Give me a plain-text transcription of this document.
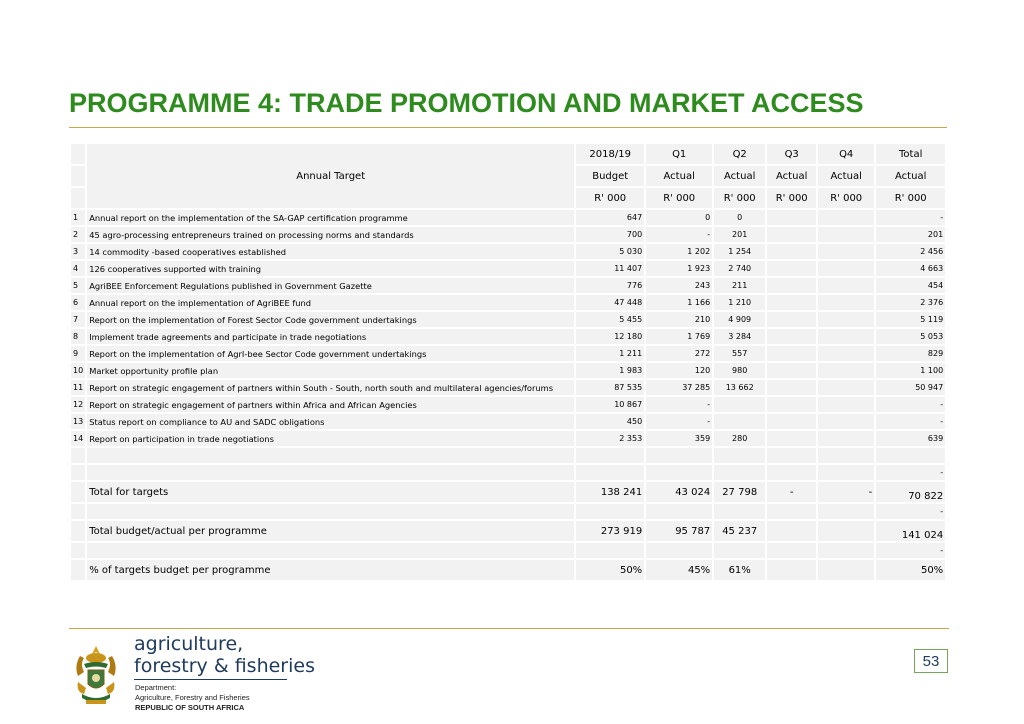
PROGRAMME 4: TRADE PROMOTION AND MARKET ACCESS
	Annual Target	2018/19	Q1	Q2	Q3	Q4	Total
		Budget	Actual	Actual	Actual	Actual	Actual
		R' 000	R' 000	R' 000	R' 000	R' 000	R' 000
1	Annual report on the implementation of the SA-GAP certification programme	647	0	0			-
2	45 agro-processing entrepreneurs trained on processing norms and standards	700	-	201			201
3	14 commodity -based cooperatives established	5 030	1 202	1 254			2 456
4	126 cooperatives supported with training	11 407	1 923	2 740			4 663
5	AgriBEE Enforcement Regulations published in Government Gazette	776	243	211			454
6	Annual report on the implementation of AgriBEE fund	47 448	1 166	1 210			2 376
7	Report on the implementation of Forest Sector Code government undertakings	5 455	210	4 909			5 119
8	Implement trade agreements and participate in trade negotiations	12 180	1 769	3 284			5 053
9	Report on the implementation of AgrI-bee Sector Code government undertakings	1 211	272	557			829
10	Market opportunity profile plan	1 983	120	980			1 100
11	Report on strategic engagement of partners within South - South, north south and multilateral agencies/forums	87 535	37 285	13 662			50 947
12	Report on strategic engagement of partners within Africa and African Agencies	10 867	-				-
13	Status report on compliance to AU and SADC obligations	450	-				-
14	Report on participation in trade negotiations	2 353	359	280			639

							-
	Total for targets	138 241	43 024	27 798	-	-	70 822
							-
	Total budget/actual per programme	273 919	95 787	45 237			141 024
							-
	% of targets budget per programme	50%	45%	61%			50%
agriculture,
forestry & fisheries
Department:
Agriculture, Forestry and Fisheries
REPUBLIC OF SOUTH AFRICA
53
